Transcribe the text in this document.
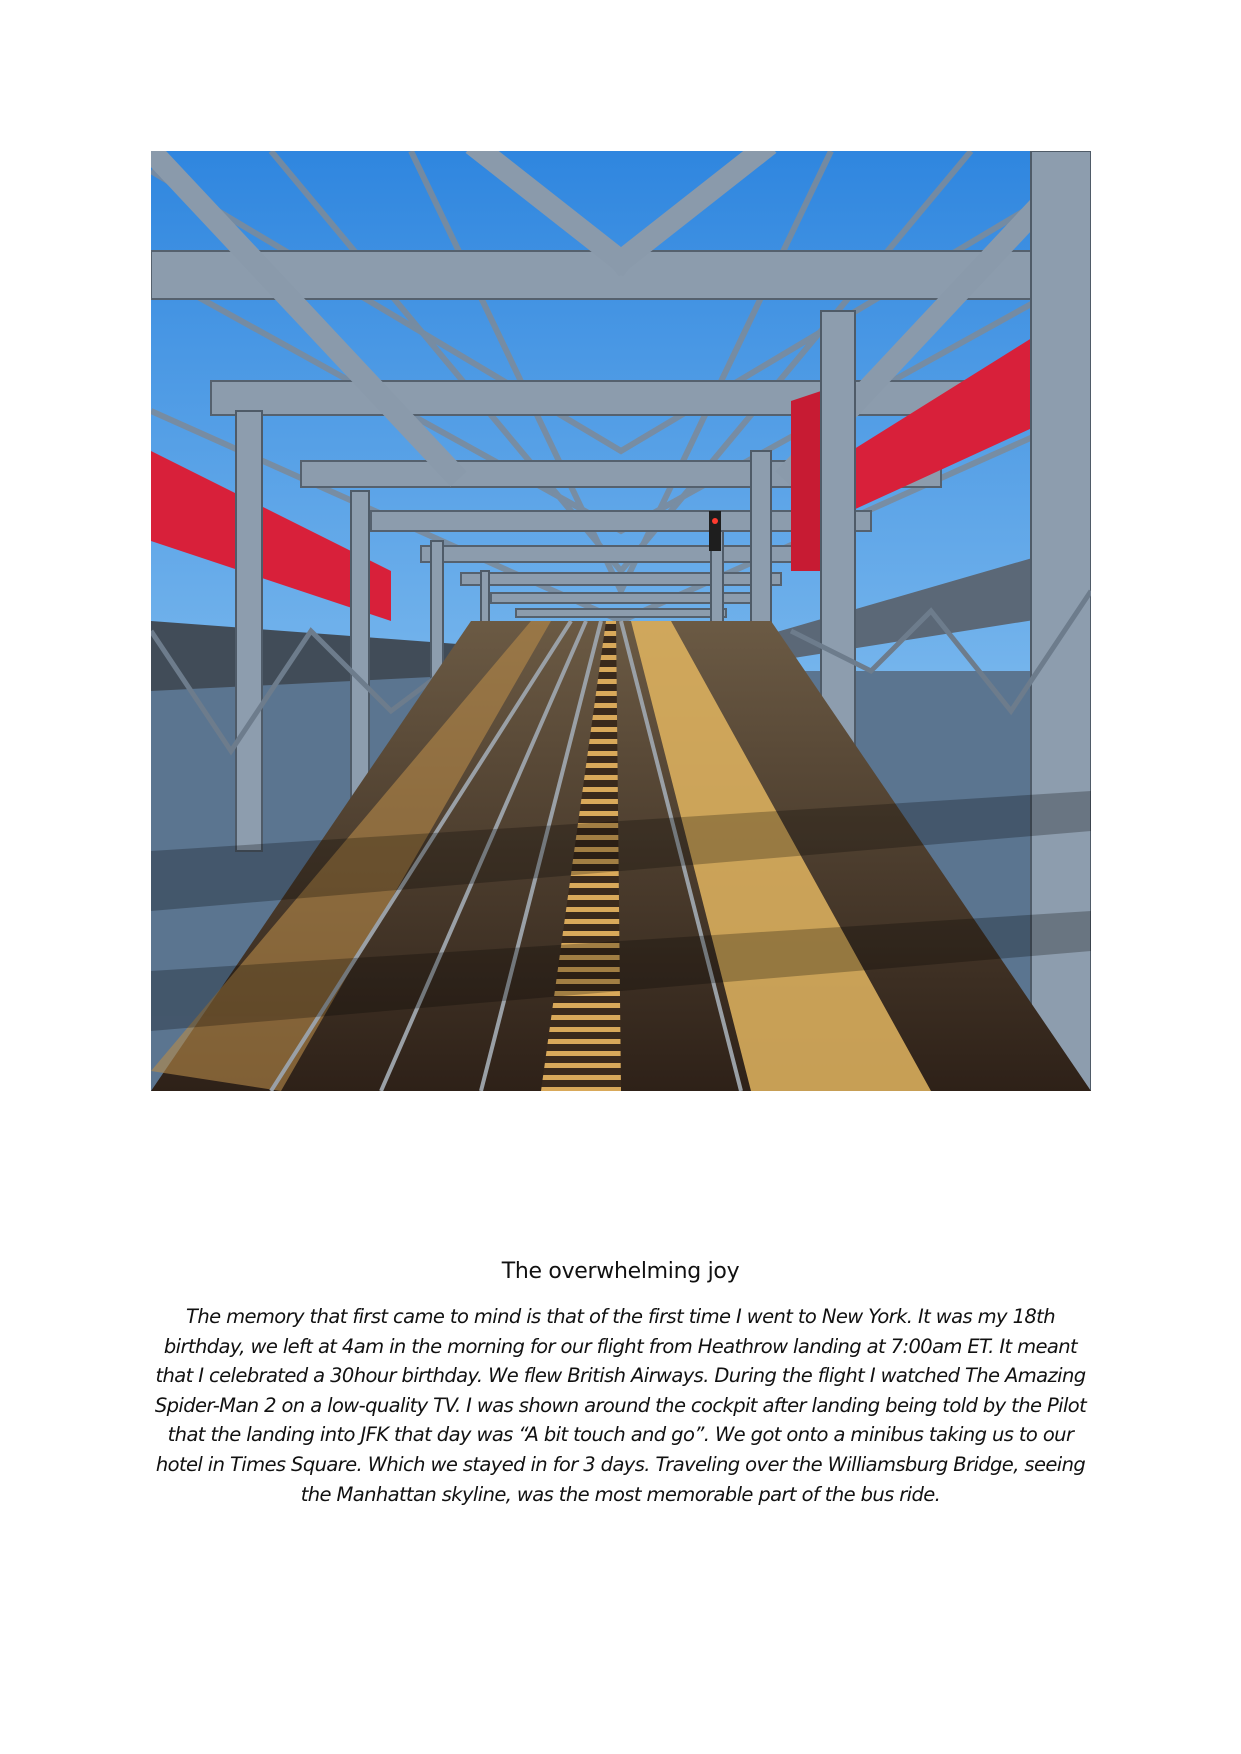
The overwhelming joy

The memory that first came to mind is that of the first time I went to New York. It was my 18th birthday, we left at 4am in the morning for our flight from Heathrow landing at 7:00am ET. It meant that I celebrated a 30hour birthday. We flew British Airways. During the flight I watched The Amazing Spider-Man 2 on a low-quality TV. I was shown around the cockpit after landing being told by the Pilot that the landing into JFK that day was “A bit touch and go”. We got onto a minibus taking us to our hotel in Times Square. Which we stayed in for 3 days. Traveling over the Williamsburg Bridge, seeing the Manhattan skyline, was the most memorable part of the bus ride.
